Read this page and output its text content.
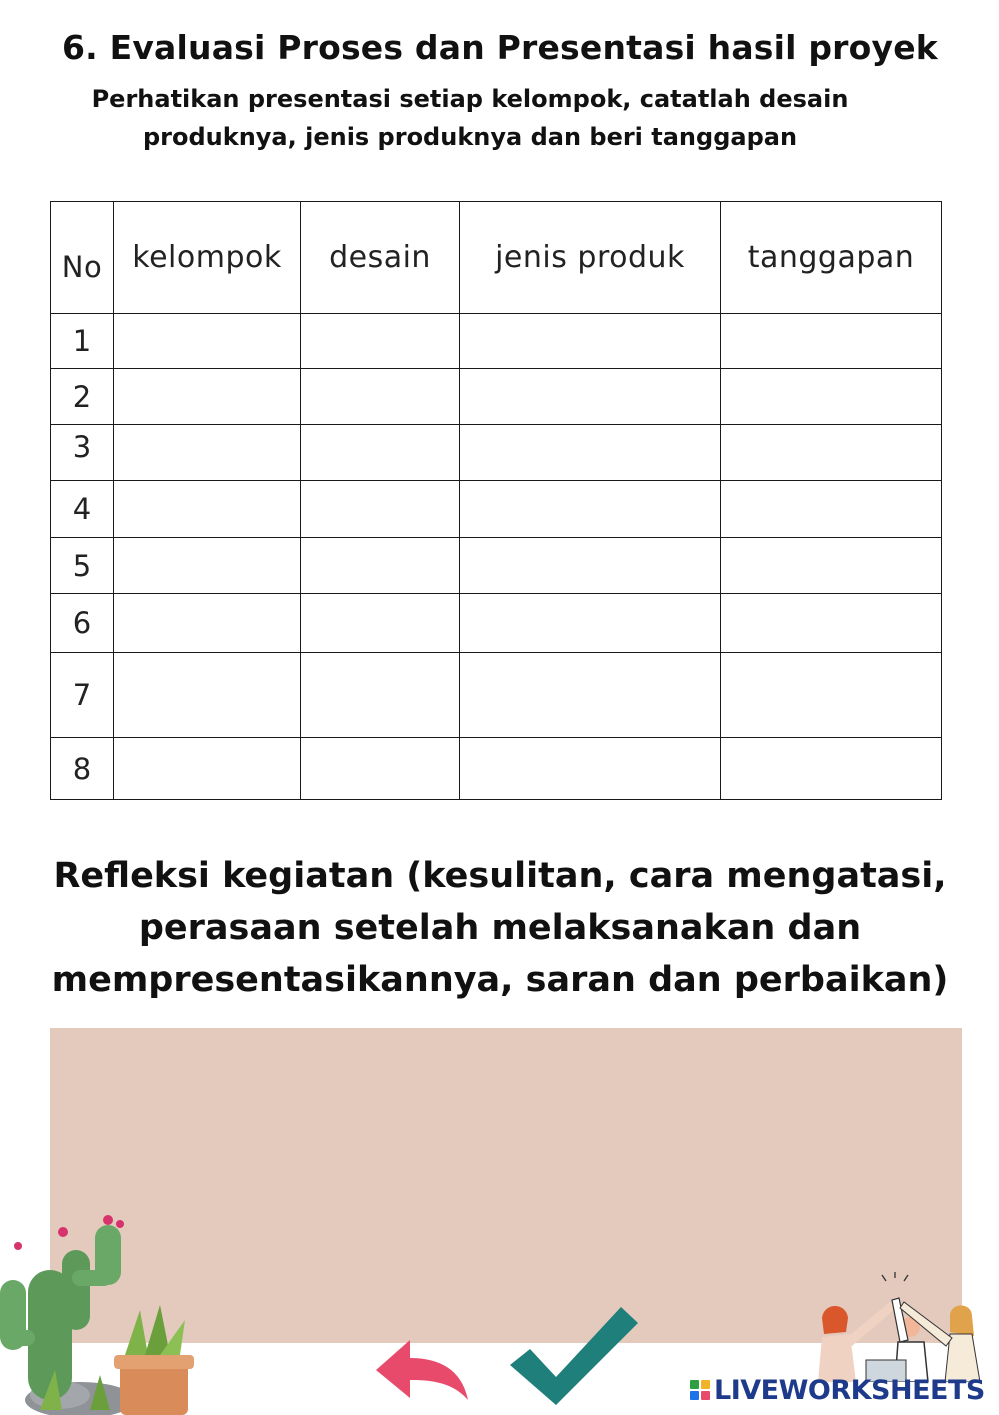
6. Evaluasi Proses dan Presentasi hasil proyek
Perhatikan presentasi setiap kelompok, catatlah desain
produknya, jenis produknya dan beri tanggapan
No	kelompok	desain	jenis produk	tanggapan
1				
2				
3				
4				
5				
6				
7				
8				
Refleksi kegiatan (kesulitan, cara mengatasi,
perasaan setelah melaksanakan dan
mempresentasikannya, saran dan perbaikan)
LIVEWORKSHEETS
